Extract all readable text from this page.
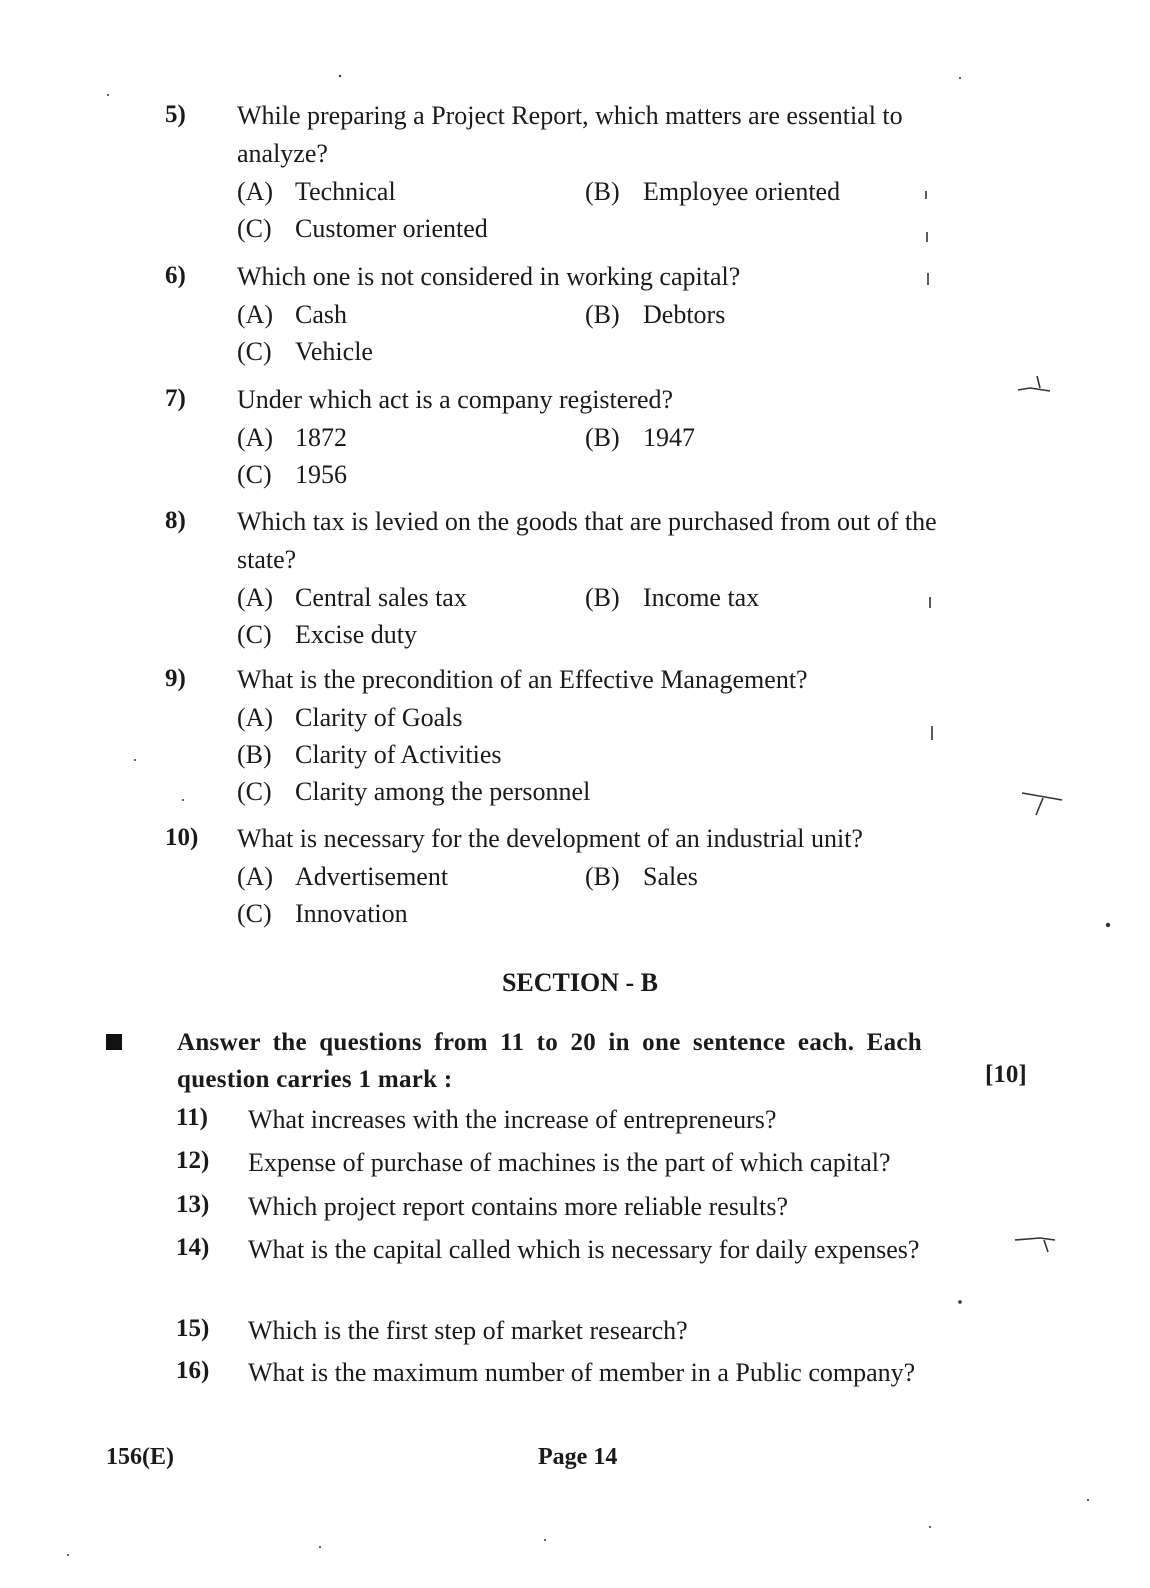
5)	While preparing a Project Report, which matters are essential to analyze?
(A) Technical	(B) Employee oriented
(C) Customer oriented
6)	Which one is not considered in working capital?
(A) Cash	(B) Debtors
(C) Vehicle
7)	Under which act is a company registered?
(A) 1872	(B) 1947
(C) 1956
8)	Which tax is levied on the goods that are purchased from out of the state?
(A) Central sales tax	(B) Income tax
(C) Excise duty
9)	What is the precondition of an Effective Management?
(A) Clarity of Goals
(B) Clarity of Activities
(C) Clarity among the personnel
10)	What is necessary for the development of an industrial unit?
(A) Advertisement	(B) Sales
(C) Innovation
SECTION - B
Answer the questions from 11 to 20 in one sentence each. Each question carries 1 mark :	[10]
11)	What increases with the increase of entrepreneurs?
12)	Expense of purchase of machines is the part of which capital?
13)	Which project report contains more reliable results?
14)	What is the capital called which is necessary for daily expenses?
15)	Which is the first step of market research?
16)	What is the maximum number of member in a Public company?
156(E)	Page 14
